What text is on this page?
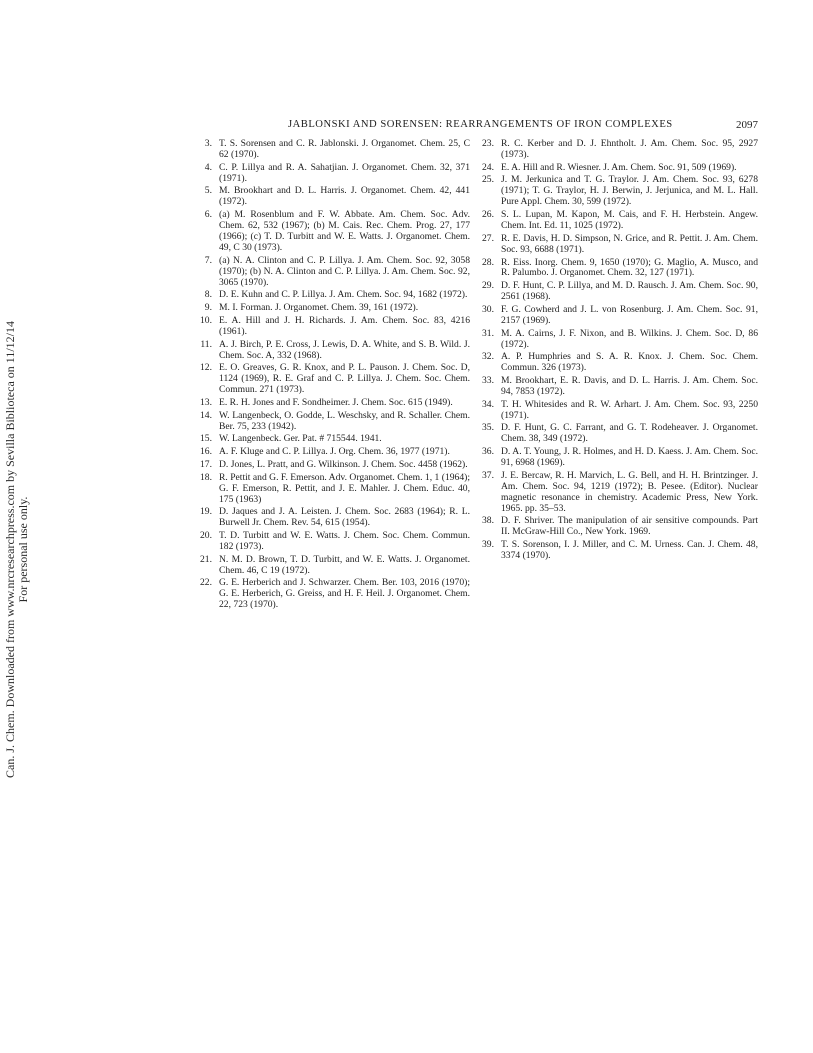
JABLONSKI AND SORENSEN: REARRANGEMENTS OF IRON COMPLEXES	2097
3. T. S. Sorensen and C. R. Jablonski. J. Organomet. Chem. 25, C 62 (1970).
4. C. P. Lillya and R. A. Sahatjian. J. Organomet. Chem. 32, 371 (1971).
5. M. Brookhart and D. L. Harris. J. Organomet. Chem. 42, 441 (1972).
6. (a) M. Rosenblum and F. W. Abbate. Am. Chem. Soc. Adv. Chem. 62, 532 (1967); (b) M. Cais. Rec. Chem. Prog. 27, 177 (1966); (c) T. D. Turbitt and W. E. Watts. J. Organomet. Chem. 49, C 30 (1973).
7. (a) N. A. Clinton and C. P. Lillya. J. Am. Chem. Soc. 92, 3058 (1970); (b) N. A. Clinton and C. P. Lillya. J. Am. Chem. Soc. 92, 3065 (1970).
8. D. E. Kuhn and C. P. Lillya. J. Am. Chem. Soc. 94, 1682 (1972).
9. M. I. Forman. J. Organomet. Chem. 39, 161 (1972).
10. E. A. Hill and J. H. Richards. J. Am. Chem. Soc. 83, 4216 (1961).
11. A. J. Birch, P. E. Cross, J. Lewis, D. A. White, and S. B. Wild. J. Chem. Soc. A, 332 (1968).
12. E. O. Greaves, G. R. Knox, and P. L. Pauson. J. Chem. Soc. D, 1124 (1969), R. E. Graf and C. P. Lillya. J. Chem. Soc. Chem. Commun. 271 (1973).
13. E. R. H. Jones and F. Sondheimer. J. Chem. Soc. 615 (1949).
14. W. Langenbeck, O. Godde, L. Weschsky, and R. Schaller. Chem. Ber. 75, 233 (1942).
15. W. Langenbeck. Ger. Pat. # 715544. 1941.
16. A. F. Kluge and C. P. Lillya. J. Org. Chem. 36, 1977 (1971).
17. D. Jones, L. Pratt, and G. Wilkinson. J. Chem. Soc. 4458 (1962).
18. R. Pettit and G. F. Emerson. Adv. Organomet. Chem. 1, 1 (1964); G. F. Emerson, R. Pettit, and J. E. Mahler. J. Chem. Educ. 40, 175 (1963)
19. D. Jaques and J. A. Leisten. J. Chem. Soc. 2683 (1964); R. L. Burwell Jr. Chem. Rev. 54, 615 (1954).
20. T. D. Turbitt and W. E. Watts. J. Chem. Soc. Chem. Commun. 182 (1973).
21. N. M. D. Brown, T. D. Turbitt, and W. E. Watts. J. Organomet. Chem. 46, C 19 (1972).
22. G. E. Herberich and J. Schwarzer. Chem. Ber. 103, 2016 (1970); G. E. Herberich, G. Greiss, and H. F. Heil. J. Organomet. Chem. 22, 723 (1970).
23. R. C. Kerber and D. J. Ehntholt. J. Am. Chem. Soc. 95, 2927 (1973).
24. E. A. Hill and R. Wiesner. J. Am. Chem. Soc. 91, 509 (1969).
25. J. M. Jerkunica and T. G. Traylor. J. Am. Chem. Soc. 93, 6278 (1971); T. G. Traylor, H. J. Berwin, J. Jerjunica, and M. L. Hall. Pure Appl. Chem. 30, 599 (1972).
26. S. L. Lupan, M. Kapon, M. Cais, and F. H. Herbstein. Angew. Chem. Int. Ed. 11, 1025 (1972).
27. R. E. Davis, H. D. Simpson, N. Grice, and R. Pettit. J. Am. Chem. Soc. 93, 6688 (1971).
28. R. Eiss. Inorg. Chem. 9, 1650 (1970); G. Maglio, A. Musco, and R. Palumbo. J. Organomet. Chem. 32, 127 (1971).
29. D. F. Hunt, C. P. Lillya, and M. D. Rausch. J. Am. Chem. Soc. 90, 2561 (1968).
30. F. G. Cowherd and J. L. von Rosenburg. J. Am. Chem. Soc. 91, 2157 (1969).
31. M. A. Cairns, J. F. Nixon, and B. Wilkins. J. Chem. Soc. D, 86 (1972).
32. A. P. Humphries and S. A. R. Knox. J. Chem. Soc. Chem. Commun. 326 (1973).
33. M. Brookhart, E. R. Davis, and D. L. Harris. J. Am. Chem. Soc. 94, 7853 (1972).
34. T. H. Whitesides and R. W. Arhart. J. Am. Chem. Soc. 93, 2250 (1971).
35. D. F. Hunt, G. C. Farrant, and G. T. Rodeheaver. J. Organomet. Chem. 38, 349 (1972).
36. D. A. T. Young, J. R. Holmes, and H. D. Kaess. J. Am. Chem. Soc. 91, 6968 (1969).
37. J. E. Bercaw, R. H. Marvich, L. G. Bell, and H. H. Brintzinger. J. Am. Chem. Soc. 94, 1219 (1972); B. Pesee. (Editor). Nuclear magnetic resonance in chemistry. Academic Press, New York. 1965. pp. 35–53.
38. D. F. Shriver. The manipulation of air sensitive compounds. Part II. McGraw-Hill Co., New York. 1969.
39. T. S. Sorenson, I. J. Miller, and C. M. Urness. Can. J. Chem. 48, 3374 (1970).
Can. J. Chem. Downloaded from www.nrcresearchpress.com by Sevilla Biblioteca on 11/12/14 For personal use only.
